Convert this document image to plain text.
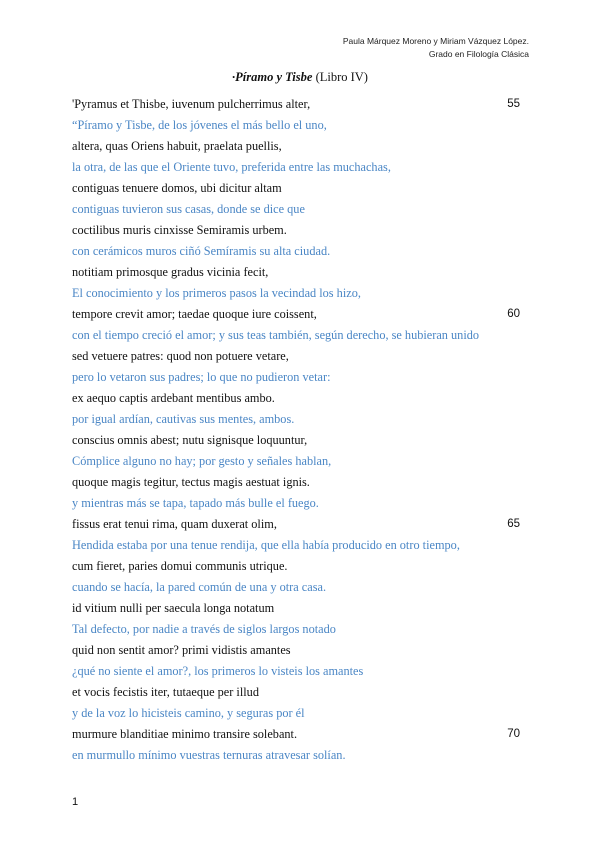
Paula Márquez Moreno y Miriam Vázquez López.
Grado en Filología Clásica
·Píramo y Tisbe (Libro IV)
'Pyramus et Thisbe, iuvenum pulcherrimus alter,	55
“Píramo y Tisbe, de los jóvenes el más bello el uno,
altera, quas Oriens habuit, praelata puellis,
la otra, de las que el Oriente tuvo, preferida entre las muchachas,
contiguas tenuere domos, ubi dicitur altam
contiguas tuvieron sus casas, donde se dice que
coctilibus muris cinxisse Semiramis urbem.
con cerámicos muros ciñó Semíramis su alta ciudad.
notitiam primosque gradus vicinia fecit,
El conocimiento y los primeros pasos la vecindad los hizo,
tempore crevit amor; taedae quoque iure coissent,	60
con el tiempo creció el amor; y sus teas también, según derecho, se hubieran unido
sed vetuere patres: quod non potuere vetare,
pero lo vetaron sus padres; lo que no pudieron vetar:
ex aequo captis ardebant mentibus ambo.
por igual ardían, cautivas sus mentes, ambos.
conscius omnis abest; nutu signisque loquuntur,
Cómplice alguno no hay; por gesto y señales hablan,
quoque magis tegitur, tectus magis aestuat ignis.
y mientras más se tapa, tapado más bulle el fuego.
fissus erat tenui rima, quam duxerat olim,	65
Hendida estaba por una tenue rendija, que ella había producido en otro tiempo,
cum fieret, paries domui communis utrique.
cuando se hacía, la pared común de una y otra casa.
id vitium nulli per saecula longa notatum
Tal defecto, por nadie a través de siglos largos notado
quid non sentit amor? primi vidistis amantes
¿qué no siente el amor?, los primeros lo visteis los amantes
et vocis fecistis iter, tutaeque per illud
y de la voz lo hicisteis camino, y seguras por él
murmure blanditiae minimo transire solebant.	70
en murmullo mínimo vuestras ternuras atravesar solían.
1
